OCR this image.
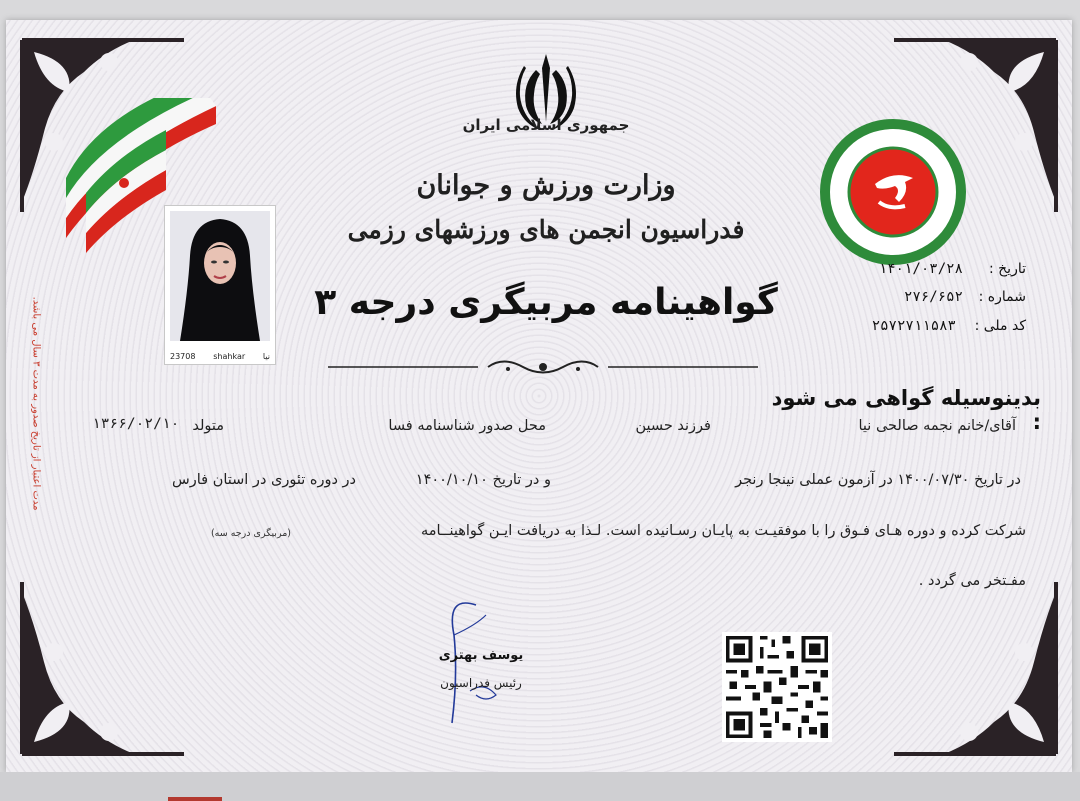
مدت اعتبار از تاریخ صدور به مدت ۳ سال می باشد.
جمهوری اسلامی ایران
وزارت ورزش و جوانان
فدراسیون انجمن های ورزشهای رزمی
23708 shahkar نیا
تاریخ :
۱۴۰۱/۰۳/۲۸
شماره :
۲۷۶/۶۵۲
کد ملی :
۲۵۷۲۷۱۱۵۸۳
گواهینامه مربیگری درجه ۳
بدینوسیله گواهی می شود :
آقای/خانم نجمه صالحی نیا
فرزند حسین
محل صدور شناسنامه فسا
متولد
۱۳۶۶/۰۲/۱۰
در تاریخ ۱۴۰۰/۰۷/۳۰ در آزمون عملی نینجا رنجر
و در تاریخ ۱۴۰۰/۱۰/۱۰
در دوره تئوری در استان فارس
شرکت کرده و دوره هـای فـوق را با موفقیـت به پایـان رسـانیده است. لـذا به دریافت ایـن گواهینــامه
(مربیگری درجه سه)
مفـتخر می گردد .
یوسف بهتری
رئیس فدراسیون
